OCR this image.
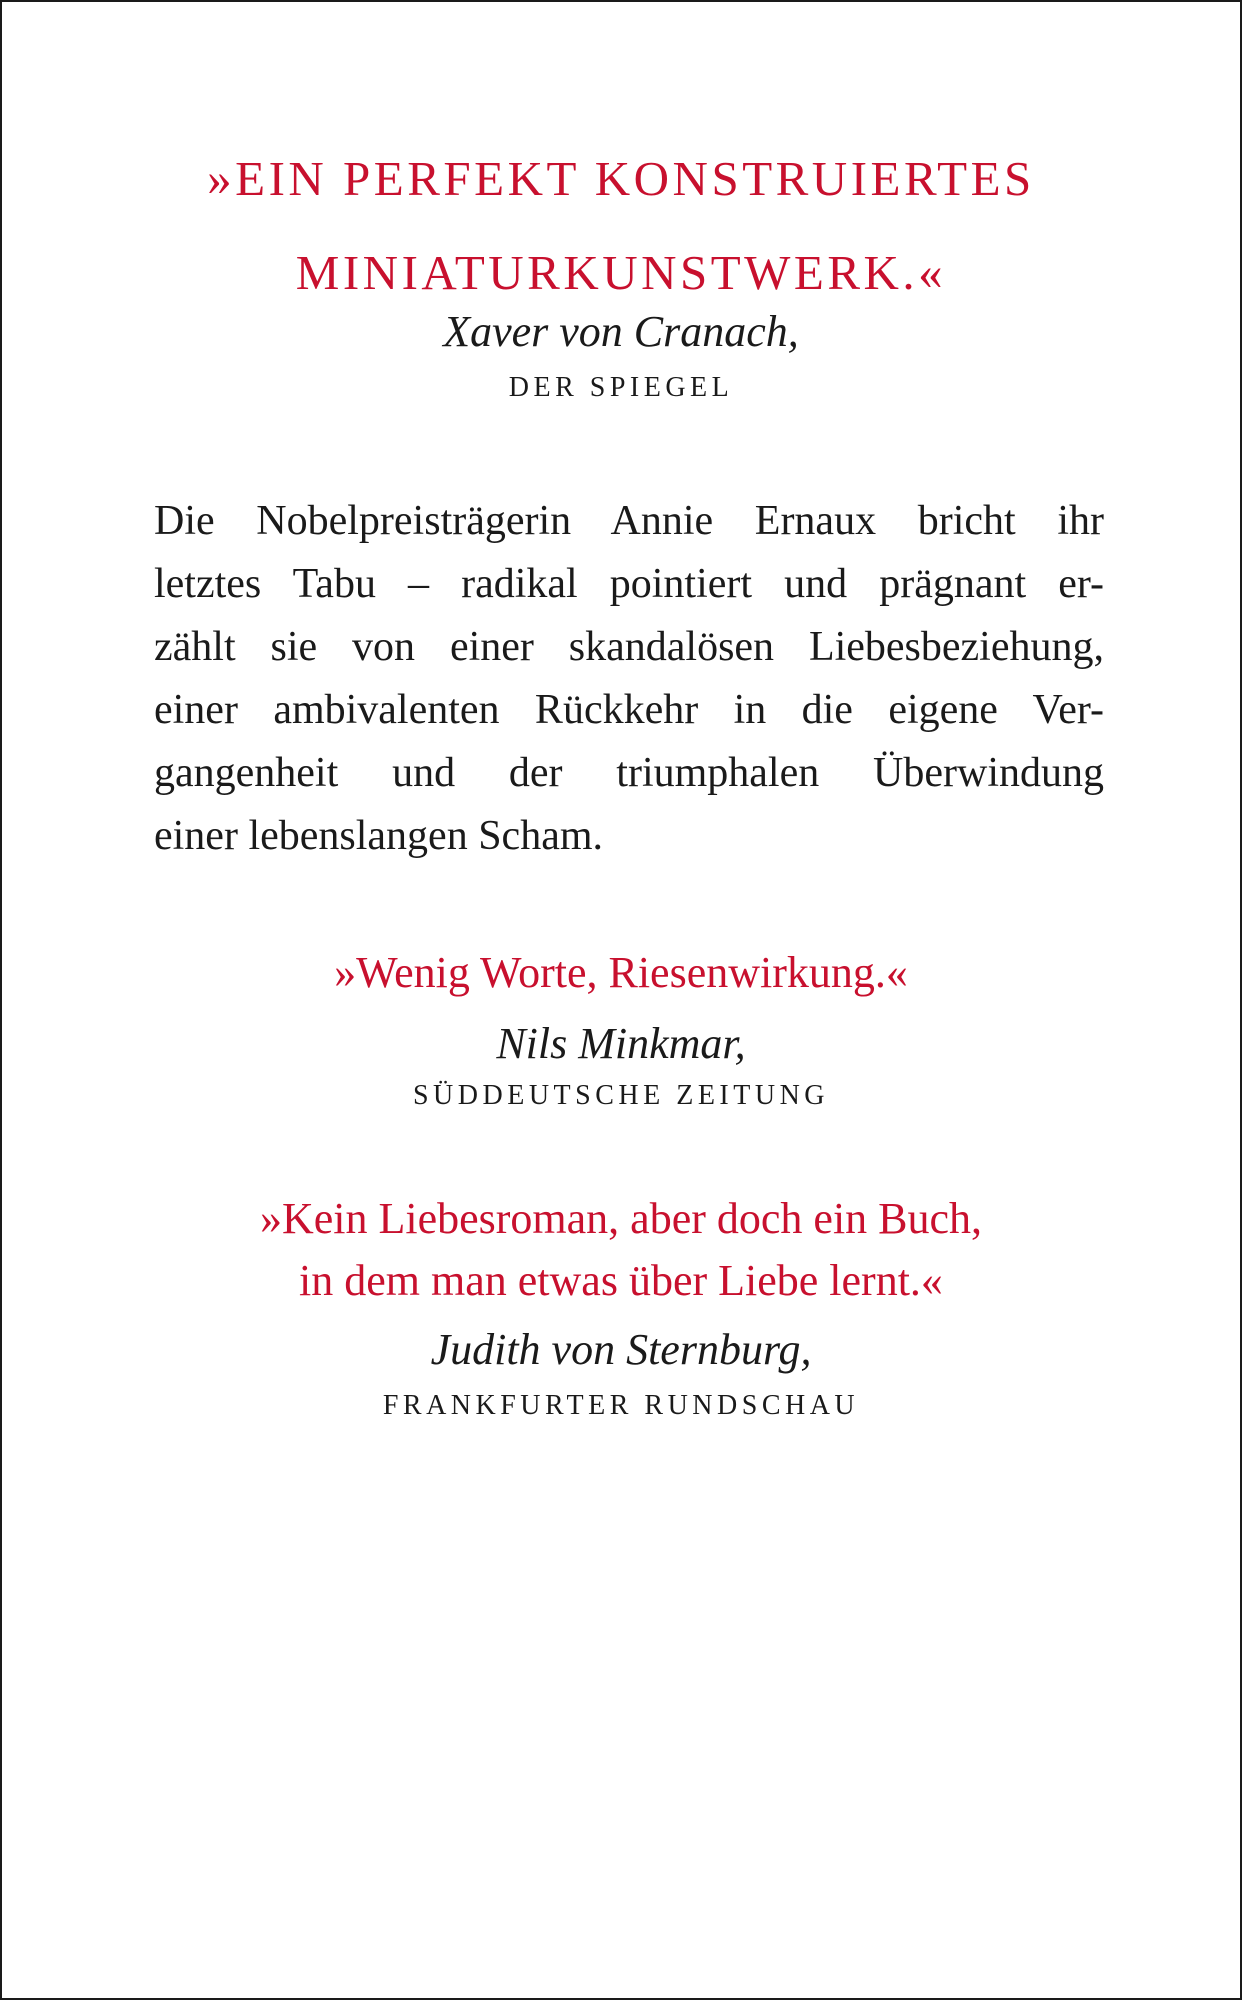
»EIN PERFEKT KONSTRUIERTES
MINIATURKUNSTWERK.«
Xaver von Cranach,
DER SPIEGEL
Die Nobelpreisträgerin Annie Ernaux bricht ihr
letztes Tabu – radikal pointiert und prägnant er-
zählt sie von einer skandalösen Liebesbeziehung,
einer ambivalenten Rückkehr in die eigene Ver-
gangenheit und der triumphalen Überwindung
einer lebenslangen Scham.
»Wenig Worte, Riesenwirkung.«
Nils Minkmar,
SÜDDEUTSCHE ZEITUNG
»Kein Liebesroman, aber doch ein Buch,
in dem man etwas über Liebe lernt.«
Judith von Sternburg,
FRANKFURTER RUNDSCHAU
